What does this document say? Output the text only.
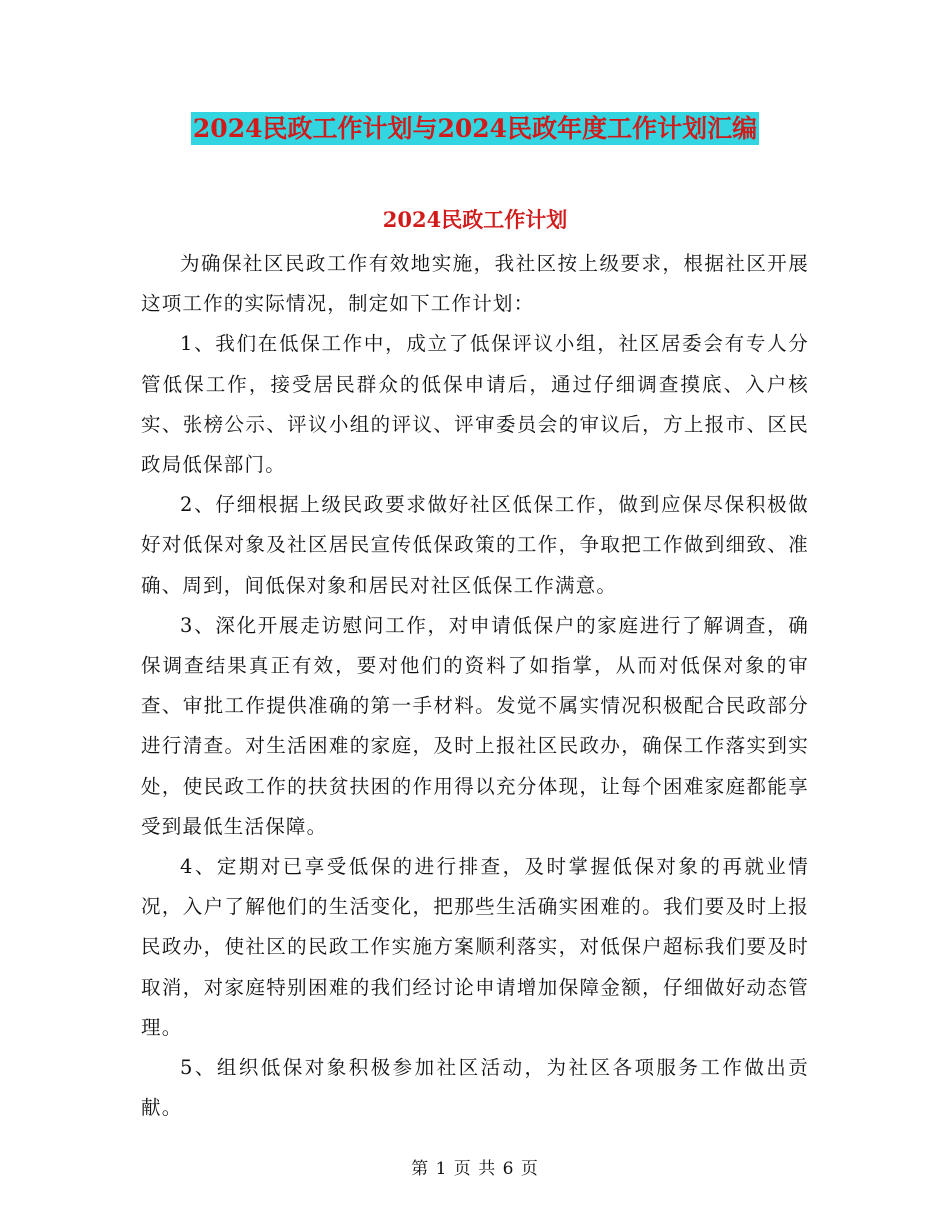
2024民政工作计划与2024民政年度工作计划汇编
2024民政工作计划

为确保社区民政工作有效地实施，我社区按上级要求，根据社区开展这项工作的实际情况，制定如下工作计划：

1、我们在低保工作中，成立了低保评议小组，社区居委会有专人分管低保工作，接受居民群众的低保申请后，通过仔细调查摸底、入户核实、张榜公示、评议小组的评议、评审委员会的审议后，方上报市、区民政局低保部门。

2、仔细根据上级民政要求做好社区低保工作，做到应保尽保积极做好对低保对象及社区居民宣传低保政策的工作，争取把工作做到细致、准确、周到，间低保对象和居民对社区低保工作满意。

3、深化开展走访慰问工作，对申请低保户的家庭进行了解调查，确保调查结果真正有效，要对他们的资料了如指掌，从而对低保对象的审查、审批工作提供准确的第一手材料。发觉不属实情况积极配合民政部分进行清查。对生活困难的家庭，及时上报社区民政办，确保工作落实到实处，使民政工作的扶贫扶困的作用得以充分体现，让每个困难家庭都能享受到最低生活保障。

4、定期对已享受低保的进行排查，及时掌握低保对象的再就业情况，入户了解他们的生活变化，把那些生活确实困难的。我们要及时上报民政办，使社区的民政工作实施方案顺利落实，对低保户超标我们要及时取消，对家庭特别困难的我们经讨论申请增加保障金额，仔细做好动态管理。

5、组织低保对象积极参加社区活动，为社区各项服务工作做出贡献。

第 1 页 共 6 页
